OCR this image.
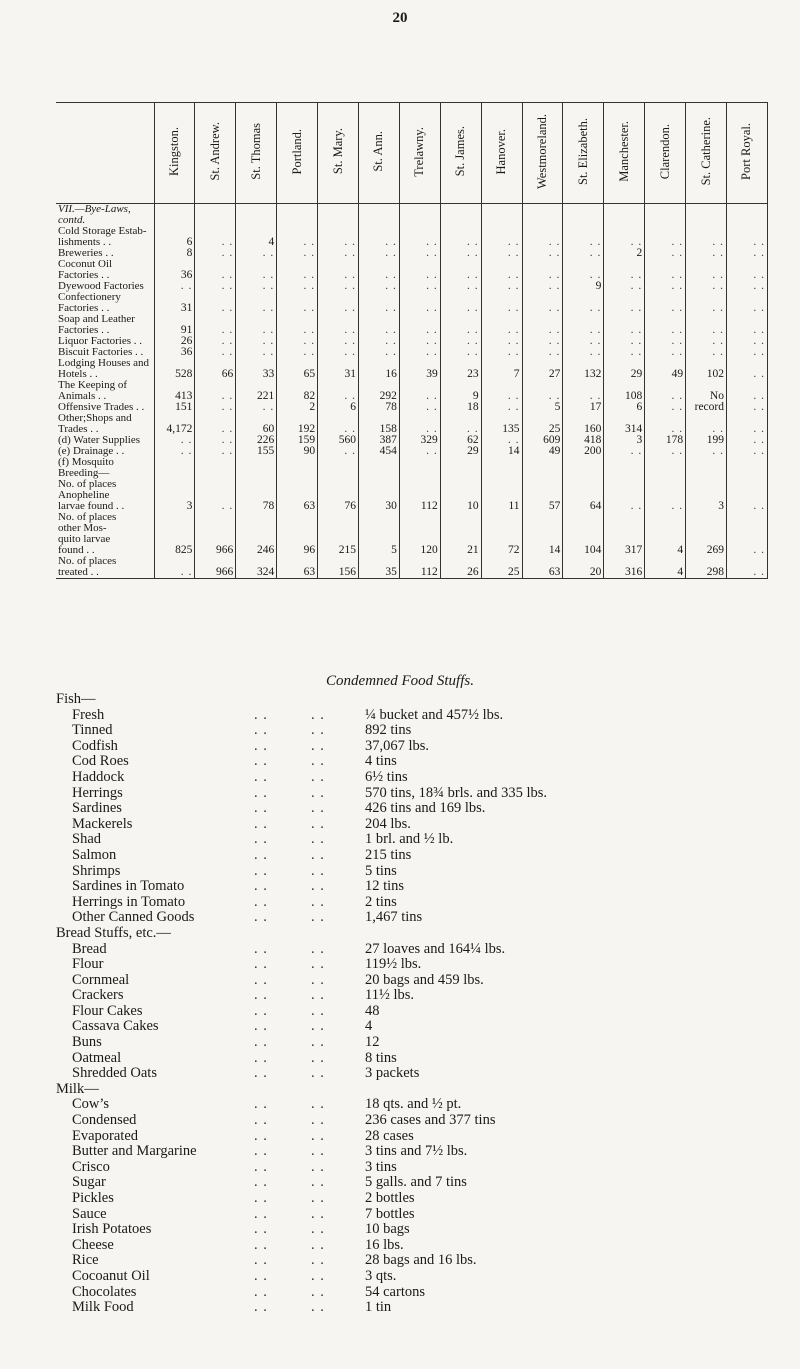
20
	Kingston.	St. Andrew.	St. Thomas	Portland.	St. Mary.	St. Ann.	Trelawny.	St. James.	Hanover.	Westmoreland.	St. Elizabeth.	Manchester.	Clarendon.	St. Catherine.	Port Royal.
VII.—Bye-Laws,															
contd.															
Cold Storage Estab-															
lishments . .	6	. .	4	. .	. .	. .	. .	. .	. .	. .	. .	. .	. .	. .	. .
Breweries . .	8	. .	. .	. .	. .	. .	. .	. .	. .	. .	. .	2	. .	. .	. .
Coconut Oil															
Factories . .	36	. .	. .	. .	. .	. .	. .	. .	. .	. .	. .	. .	. .	. .	. .
Dyewood Factories	. .	. .	. .	. .	. .	. .	. .	. .	. .	. .	9	. .	. .	. .	. .
Confectionery															
Factories . .	31	. .	. .	. .	. .	. .	. .	. .	. .	. .	. .	. .	. .	. .	. .
Soap and Leather															
Factories . .	91	. .	. .	. .	. .	. .	. .	. .	. .	. .	. .	. .	. .	. .	. .
Liquor Factories . .	26	. .	. .	. .	. .	. .	. .	. .	. .	. .	. .	. .	. .	. .	. .
Biscuit Factories . .	36	. .	. .	. .	. .	. .	. .	. .	. .	. .	. .	. .	. .	. .	. .
Lodging Houses and															
Hotels . .	528	66	33	65	31	16	39	23	7	27	132	29	49	102	. .
The Keeping of															
Animals . .	413	. .	221	82	. .	292	. .	9	. .	. .	. .	108	. .	No	. .
Offensive Trades . .	151	. .	. .	2	6	78	. .	18	. .	5	17	6	. .	record	. .
Other;Shops and															
Trades . .	4,172	. .	60	192	. .	158	. .	. .	135	25	160	314	. .	. .	. .
(d) Water Supplies	. .	. .	226	159	560	387	329	62	. .	609	418	3	178	199	. .
(e) Drainage . .	. .	. .	155	90	. .	454	. .	29	14	49	200	. .	. .	. .	. .
(f) Mosquito															
Breeding—															
No. of places															
Anopheline															
larvae found . .	3	. .	78	63	76	30	112	10	11	57	64	. .	. .	3	. .
No. of places															
other Mos-															
quito larvae															
found . .	825	966	246	96	215	5	120	21	72	14	104	317	4	269	. .
No. of places															
treated . .	. .	966	324	63	156	35	112	26	25	63	20	316	4	298	. .
Condemned Food Stuffs.
Fish—
Fresh	. .	. .	¼ bucket and 457½ lbs.
Tinned	. .	. .	892 tins
Codfish	. .	. .	37,067 lbs.
Cod Roes	. .	. .	4 tins
Haddock	. .	. .	6½ tins
Herrings	. .	. .	570 tins, 18¾ brls. and 335 lbs.
Sardines	. .	. .	426 tins and 169 lbs.
Mackerels	. .	. .	204 lbs.
Shad	. .	. .	1 brl. and ½ lb.
Salmon	. .	. .	215 tins
Shrimps	. .	. .	5 tins
Sardines in Tomato	. .	. .	12 tins
Herrings in Tomato	. .	. .	2 tins
Other Canned Goods	. .	. .	1,467 tins
Bread Stuffs, etc.—
Bread	. .	. .	27 loaves and 164¼ lbs.
Flour	. .	. .	119½ lbs.
Cornmeal	. .	. .	20 bags and 459 lbs.
Crackers	. .	. .	11½ lbs.
Flour Cakes	. .	. .	48
Cassava Cakes	. .	. .	4
Buns	. .	. .	12
Oatmeal	. .	. .	8 tins
Shredded Oats	. .	. .	3 packets
Milk—
Cow’s	. .	. .	18 qts. and ½ pt.
Condensed	. .	. .	236 cases and 377 tins
Evaporated	. .	. .	28 cases
Butter and Margarine	. .	. .	3 tins and 7½ lbs.
Crisco	. .	. .	3 tins
Sugar	. .	. .	5 galls. and 7 tins
Pickles	. .	. .	2 bottles
Sauce	. .	. .	7 bottles
Irish Potatoes	. .	. .	10 bags
Cheese	. .	. .	16 lbs.
Rice	. .	. .	28 bags and 16 lbs.
Cocoanut Oil	. .	. .	3 qts.
Chocolates	. .	. .	54 cartons
Milk Food	. .	. .	1 tin
